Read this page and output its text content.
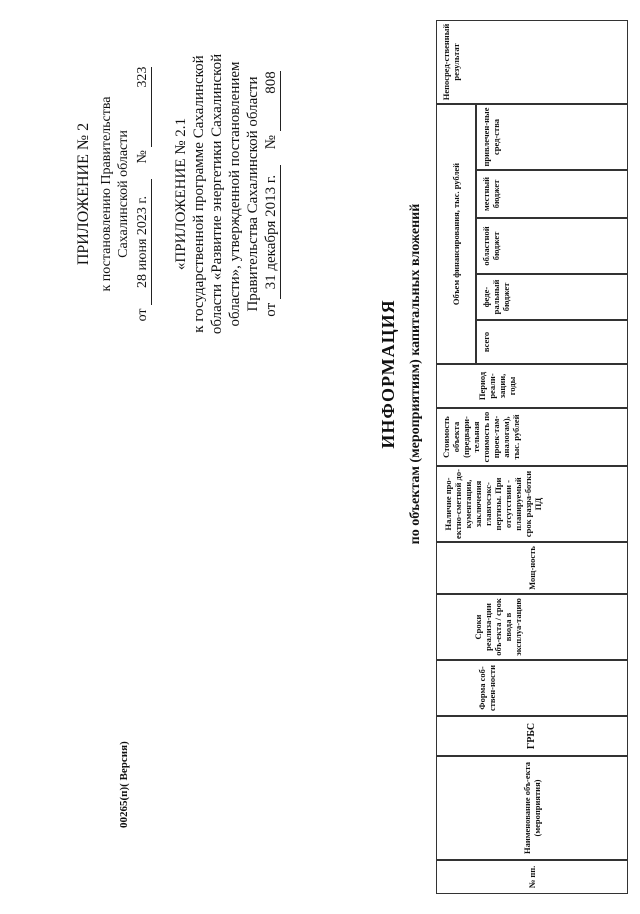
ПРИЛОЖЕНИЕ № 2 к постановлению Правительства Сахалинской области
от 28 июня 2023 г. № 323
«ПРИЛОЖЕНИЕ № 2.1 к государственной программе Сахалинской области «Развитие энергетики Сахалинской области», утвержденной постановлением Правительства Сахалинской области от 31 декабря 2013 г. № 808
ИНФОРМАЦИЯ по объектам (мероприятиям) капитальных вложений
№ пп.
Наименование объ-екта (мероприятия)
ГРБС
Форма соб-ствен-ности
Сроки реализа-ции объ-екта / срок ввода в эксплуа-тацию
Мощ-ность
Наличие про-ектно-сметной до-кументации, заключения главгосэкс-пертизы. При отсутствии - планируемый срок разра-ботки ПД
Стоимость объекта (предвари-тельная стоимость по проек-там-аналогам), тыс. рублей
Период реали-зации, годы
Объем финансирования, тыс. рублей
всего
феде-ральный бюджет
областной бюджет
местный бюджет
привлечен-ные сред-ства
Непосред-ственный результат
00265(п)( Версия)
